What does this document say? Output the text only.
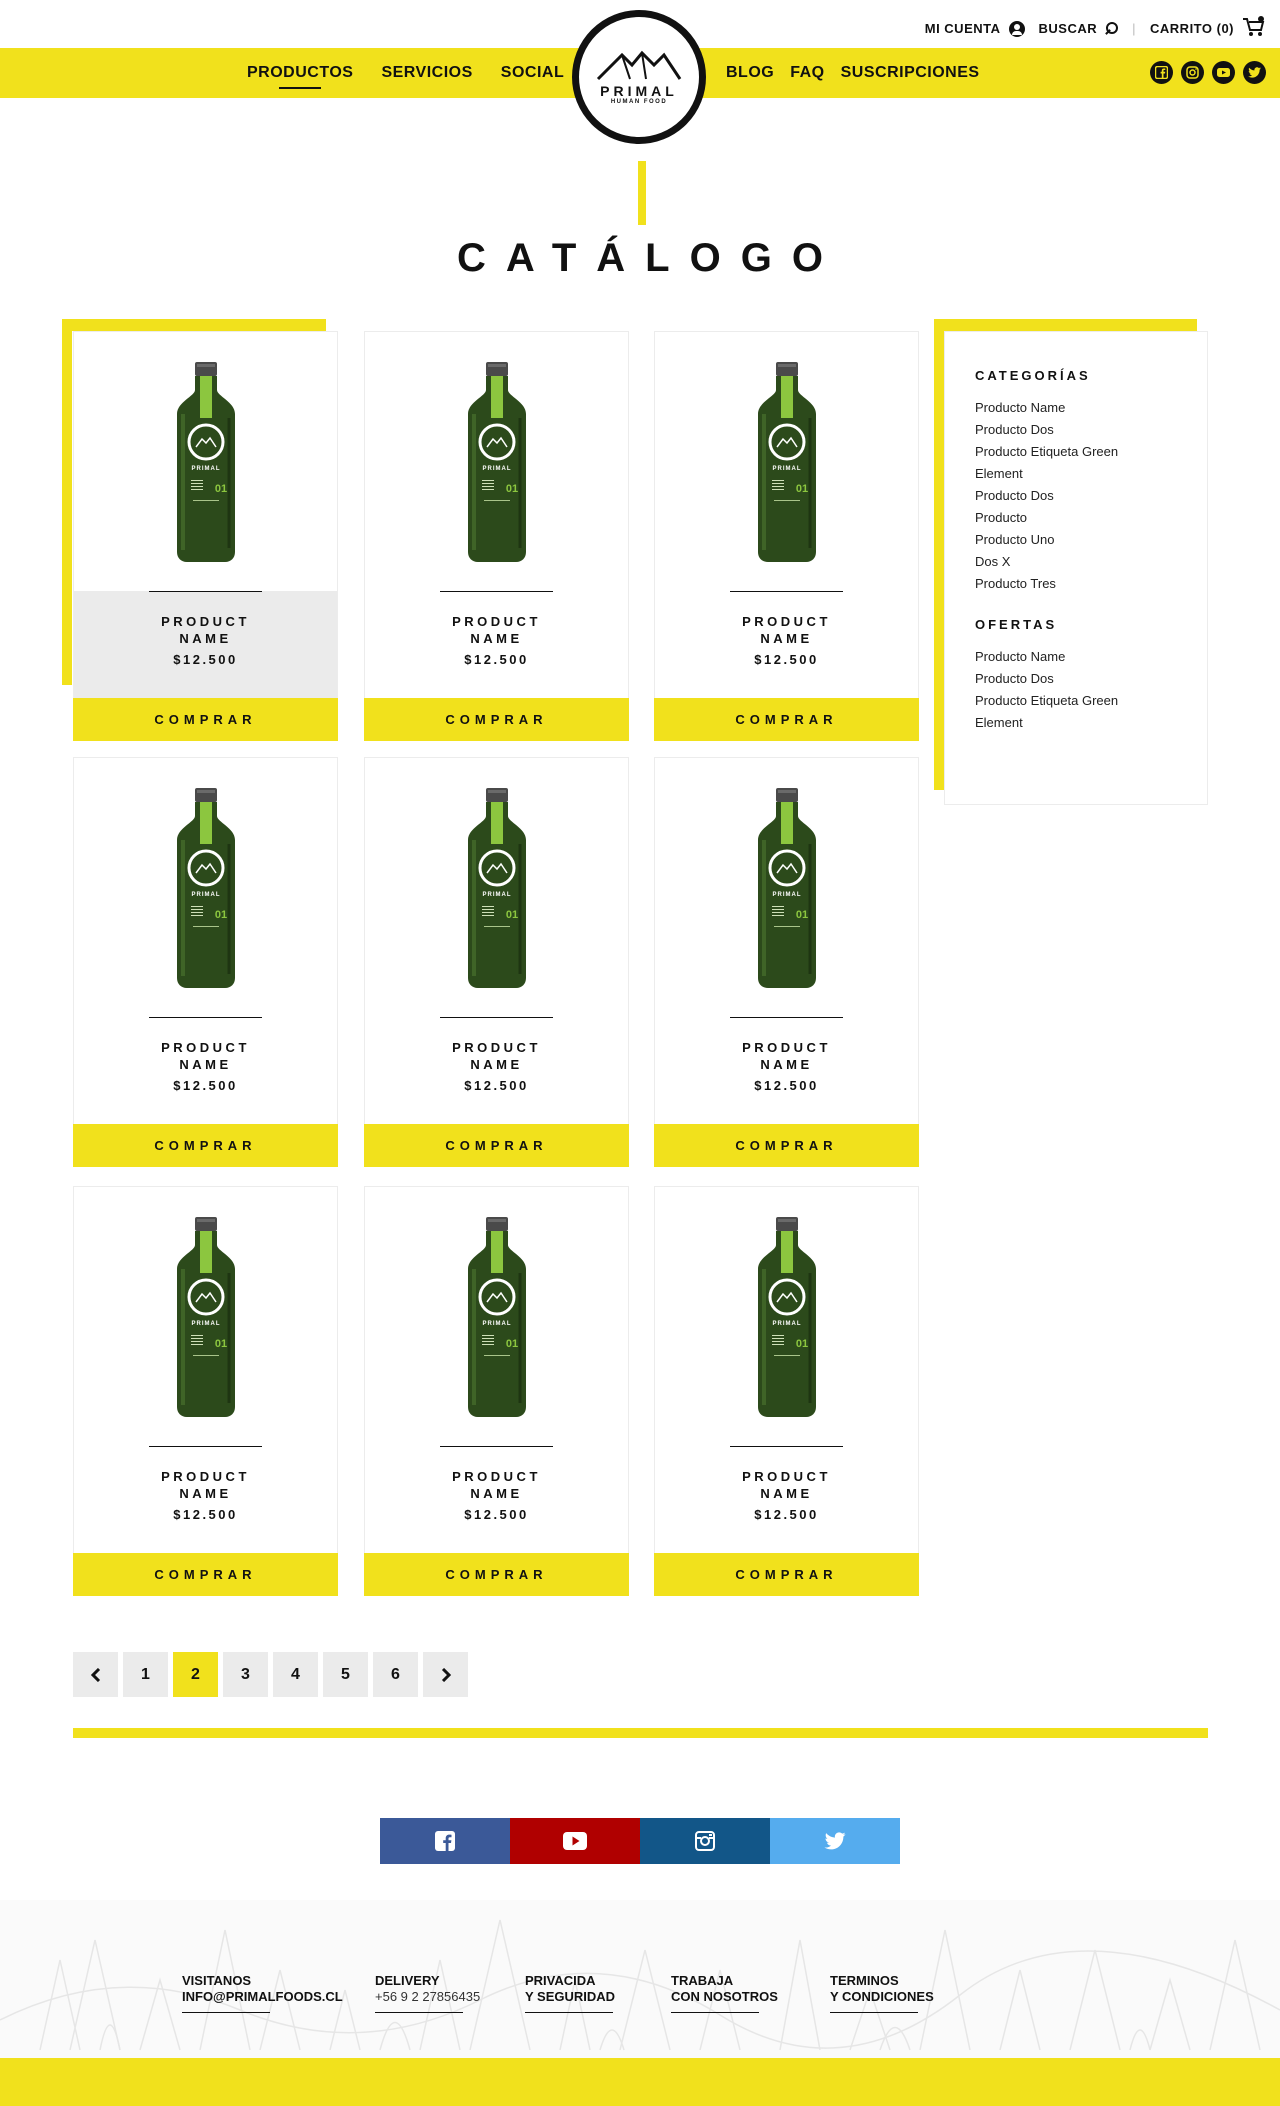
MI CUENTA	BUSCAR	| CARRITO (0)
PRODUCTOS SERVICIOS SOCIAL	BLOG FAQ SUSCRIPCIONES
PRIMAL
HUMAN FOOD
CATÁLOGO
PRIMAL
01
PRODUCT NAME
$12.500
COMPRAR
PRIMAL
01
PRODUCT NAME
$12.500
COMPRAR
PRIMAL
01
PRODUCT NAME
$12.500
COMPRAR
PRIMAL
01
PRODUCT NAME
$12.500
COMPRAR
PRIMAL
01
PRODUCT NAME
$12.500
COMPRAR
PRIMAL
01
PRODUCT NAME
$12.500
COMPRAR
PRIMAL
01
PRODUCT NAME
$12.500
COMPRAR
PRIMAL
01
PRODUCT NAME
$12.500
COMPRAR
PRIMAL
01
PRODUCT NAME
$12.500
COMPRAR
CATEGORÍAS
Producto Name
Producto Dos
Producto Etiqueta Green
Element
Producto Dos
Producto
Producto Uno
Dos X
Producto Tres
OFERTAS
Producto Name
Producto Dos
Producto Etiqueta Green
Element
1	2	3	4	5	6
VISITANOS
INFO@PRIMALFOODS.CL
DELIVERY
+56 9 2 27856435
PRIVACIDA
Y SEGURIDAD
TRABAJA
CON NOSOTROS
TERMINOS
Y CONDICIONES
